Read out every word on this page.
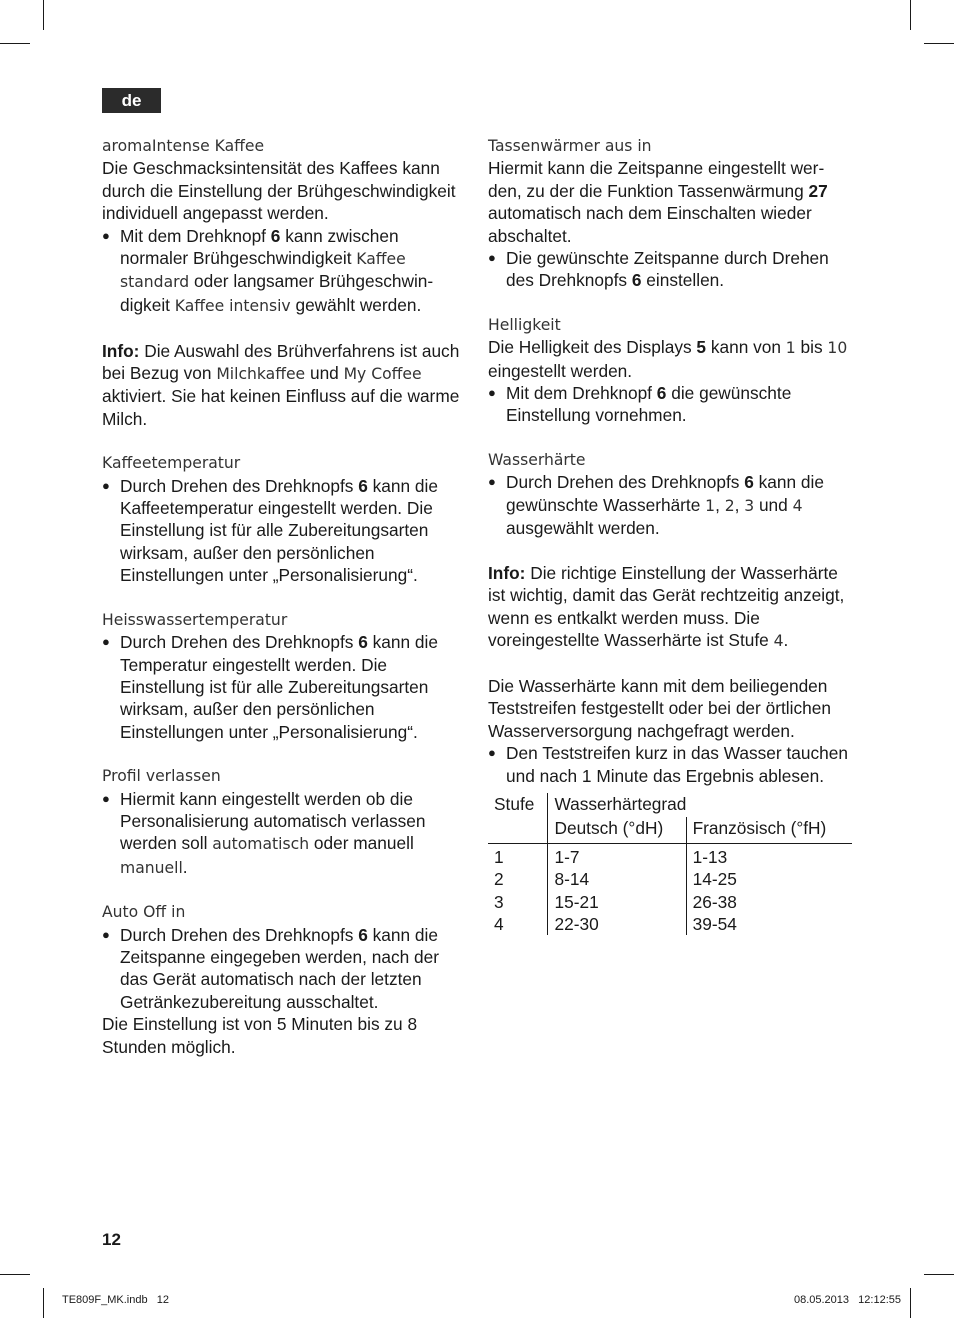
de
aromaIntense Kaffee

Die Geschmacksintensität des Kaffees kann durch die Einstellung der Brühgeschwindigkeit individuell angepasst werden.

● Mit dem Drehknopf 6 kann zwischen normaler Brühgeschwindigkeit Kaffee standard oder langsamer Brühgeschwindigkeit Kaffee intensiv gewählt werden.

Info: Die Auswahl des Brühverfahrens ist auch bei Bezug von Milchkaffee und My Coffee aktiviert. Sie hat keinen Einfluss auf die warme Milch.

Kaffeetemperatur
● Durch Drehen des Drehknopfs 6 kann die Kaffeetemperatur eingestellt werden. Die Einstellung ist für alle Zubereitungsarten wirksam, außer den persönlichen Einstellungen unter „Personalisierung“.
Heisswassertemperatur
● Durch Drehen des Drehknopfs 6 kann die Temperatur eingestellt werden. Die Einstellung ist für alle Zubereitungsarten wirksam, außer den persönlichen Einstellungen unter „Personalisierung“.
Profil verlassen
● Hiermit kann eingestellt werden ob die Personalisierung automatisch verlassen werden soll automatisch oder manuell manuell.
Auto Off in
● Durch Drehen des Drehknopfs 6 kann die Zeitspanne eingegeben werden, nach der das Gerät automatisch nach der letzten Getränkezubereitung ausschaltet.

Die Einstellung ist von 5 Minuten bis zu 8 Stunden möglich.

Tassenwärmer aus in

Hiermit kann die Zeitspanne eingestellt werden, zu der die Funktion Tassenwärmung 27 automatisch nach dem Einschalten wieder abschaltet.

● Die gewünschte Zeitspanne durch Drehen des Drehknopfs 6 einstellen.
Helligkeit

Die Helligkeit des Displays 5 kann von 1 bis 10 eingestellt werden.

● Mit dem Drehknopf 6 die gewünschte Einstellung vornehmen.
Wasserhärte
● Durch Drehen des Drehknopfs 6 kann die gewünschte Wasserhärte 1, 2, 3 und 4 ausgewählt werden.

Info: Die richtige Einstellung der Wasserhärte ist wichtig, damit das Gerät rechtzeitig anzeigt, wenn es entkalkt werden muss. Die voreingestellte Wasserhärte ist Stufe 4.

Die Wasserhärte kann mit dem beiliegenden Teststreifen festgestellt oder bei der örtlichen Wasserversorgung nachgefragt werden.

● Den Teststreifen kurz in das Wasser tauchen und nach 1 Minute das Ergebnis ablesen.
Stufe	Wasserhärtegrad	
	Deutsch (°dH)	Französisch (°fH)
1	1-7	1-13
2	8-14	14-25
3	15-21	26-38
4	22-30	39-54
12
TE809F_MK.indb   12	08.05.2013   12:12:55
